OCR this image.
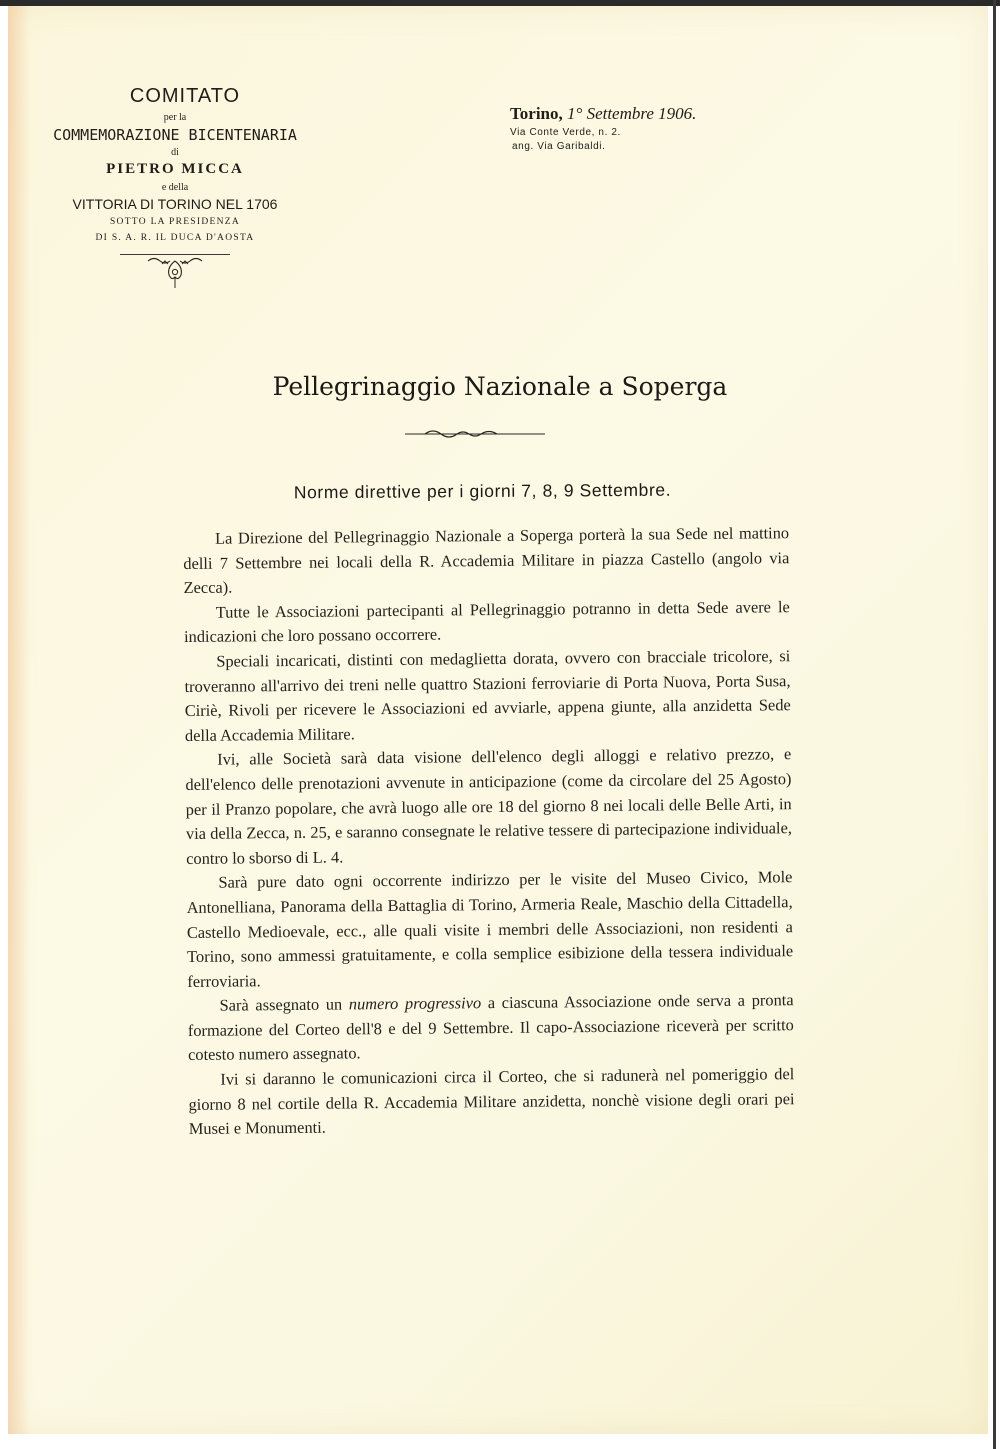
COMITATO
per la
COMMEMORAZIONE BICENTENARIA
di
PIETRO MICCA
e della
VITTORIA DI TORINO NEL 1706
SOTTO LA PRESIDENZA
DI S. A. R. IL DUCA D'AOSTA
Torino, 1° Settembre 1906.
Via Conte Verde, n. 2.
ang. Via Garibaldi.
Pellegrinaggio Nazionale a Soperga
Norme direttive per i giorni 7, 8, 9 Settembre.

La Direzione del Pellegrinaggio Nazionale a Soperga porterà la sua Sede nel mattino delli 7 Settembre nei locali della R. Accademia Militare in piazza Castello (angolo via Zecca).

Tutte le Associazioni partecipanti al Pellegrinaggio potranno in detta Sede avere le indicazioni che loro possano occorrere.

Speciali incaricati, distinti con medaglietta dorata, ovvero con bracciale tricolore, si troveranno all'arrivo dei treni nelle quattro Stazioni ferroviarie di Porta Nuova, Porta Susa, Ciriè, Rivoli per ricevere le Associazioni ed avviarle, appena giunte, alla anzidetta Sede della Accademia Militare.

Ivi, alle Società sarà data visione dell'elenco degli alloggi e relativo prezzo, e dell'elenco delle prenotazioni avvenute in anticipazione (come da circolare del 25 Agosto) per il Pranzo popolare, che avrà luogo alle ore 18 del giorno 8 nei locali delle Belle Arti, in via della Zecca, n. 25, e saranno consegnate le relative tessere di partecipazione individuale, contro lo sborso di L. 4.

Sarà pure dato ogni occorrente indirizzo per le visite del Museo Civico, Mole Antonelliana, Panorama della Battaglia di Torino, Armeria Reale, Maschio della Cittadella, Castello Medioevale, ecc., alle quali visite i membri delle Associazioni, non residenti a Torino, sono ammessi gratuitamente, e colla semplice esibizione della tessera individuale ferroviaria.

Sarà assegnato un numero progressivo a ciascuna Associazione onde serva a pronta formazione del Corteo dell'8 e del 9 Settembre. Il capo-Associazione riceverà per scritto cotesto numero assegnato.

Ivi si daranno le comunicazioni circa il Corteo, che si radunerà nel pomeriggio del giorno 8 nel cortile della R. Accademia Militare anzidetta, nonchè visione degli orari pei Musei e Monumenti.
